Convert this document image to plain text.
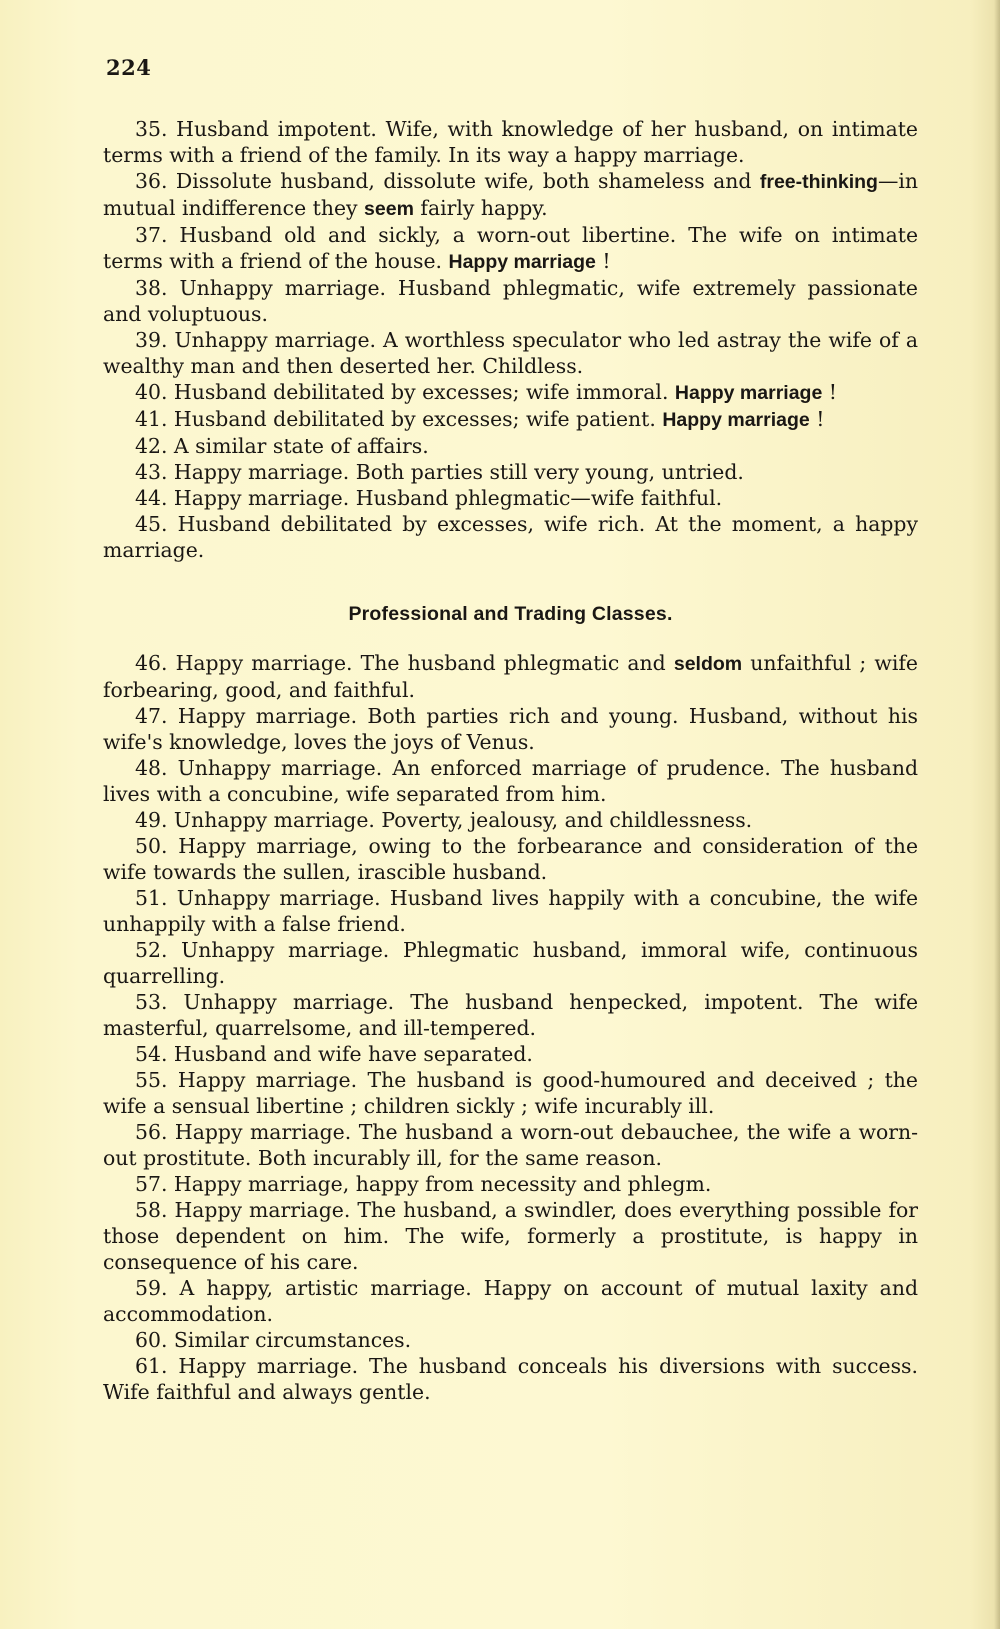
224

35. Husband impotent. Wife, with knowledge of her husband, on intimate terms with a friend of the family. In its way a happy marriage.

36. Dissolute husband, dissolute wife, both shameless and free-thinking—in mutual indifference they seem fairly happy.

37. Husband old and sickly, a worn-out libertine. The wife on intimate terms with a friend of the house. Happy marriage !

38. Unhappy marriage. Husband phlegmatic, wife extremely passionate and voluptuous.

39. Unhappy marriage. A worthless speculator who led astray the wife of a wealthy man and then deserted her. Childless.

40. Husband debilitated by excesses; wife immoral. Happy marriage !

41. Husband debilitated by excesses; wife patient. Happy marriage !

42. A similar state of affairs.

43. Happy marriage. Both parties still very young, untried.

44. Happy marriage. Husband phlegmatic—wife faithful.

45. Husband debilitated by excesses, wife rich. At the moment, a happy marriage.

Professional and Trading Classes.

46. Happy marriage. The husband phlegmatic and seldom unfaithful ; wife forbearing, good, and faithful.

47. Happy marriage. Both parties rich and young. Husband, without his wife's knowledge, loves the joys of Venus.

48. Unhappy marriage. An enforced marriage of prudence. The husband lives with a concubine, wife separated from him.

49. Unhappy marriage. Poverty, jealousy, and childlessness.

50. Happy marriage, owing to the forbearance and consideration of the wife towards the sullen, irascible husband.

51. Unhappy marriage. Husband lives happily with a concubine, the wife unhappily with a false friend.

52. Unhappy marriage. Phlegmatic husband, immoral wife, continuous quarrelling.

53. Unhappy marriage. The husband henpecked, impotent. The wife masterful, quarrelsome, and ill-tempered.

54. Husband and wife have separated.

55. Happy marriage. The husband is good-humoured and deceived ; the wife a sensual libertine ; children sickly ; wife incurably ill.

56. Happy marriage. The husband a worn-out debauchee, the wife a worn-out prostitute. Both incurably ill, for the same reason.

57. Happy marriage, happy from necessity and phlegm.

58. Happy marriage. The husband, a swindler, does everything possible for those dependent on him. The wife, formerly a prostitute, is happy in consequence of his care.

59. A happy, artistic marriage. Happy on account of mutual laxity and accommodation.

60. Similar circumstances.

61. Happy marriage. The husband conceals his diversions with success. Wife faithful and always gentle.
